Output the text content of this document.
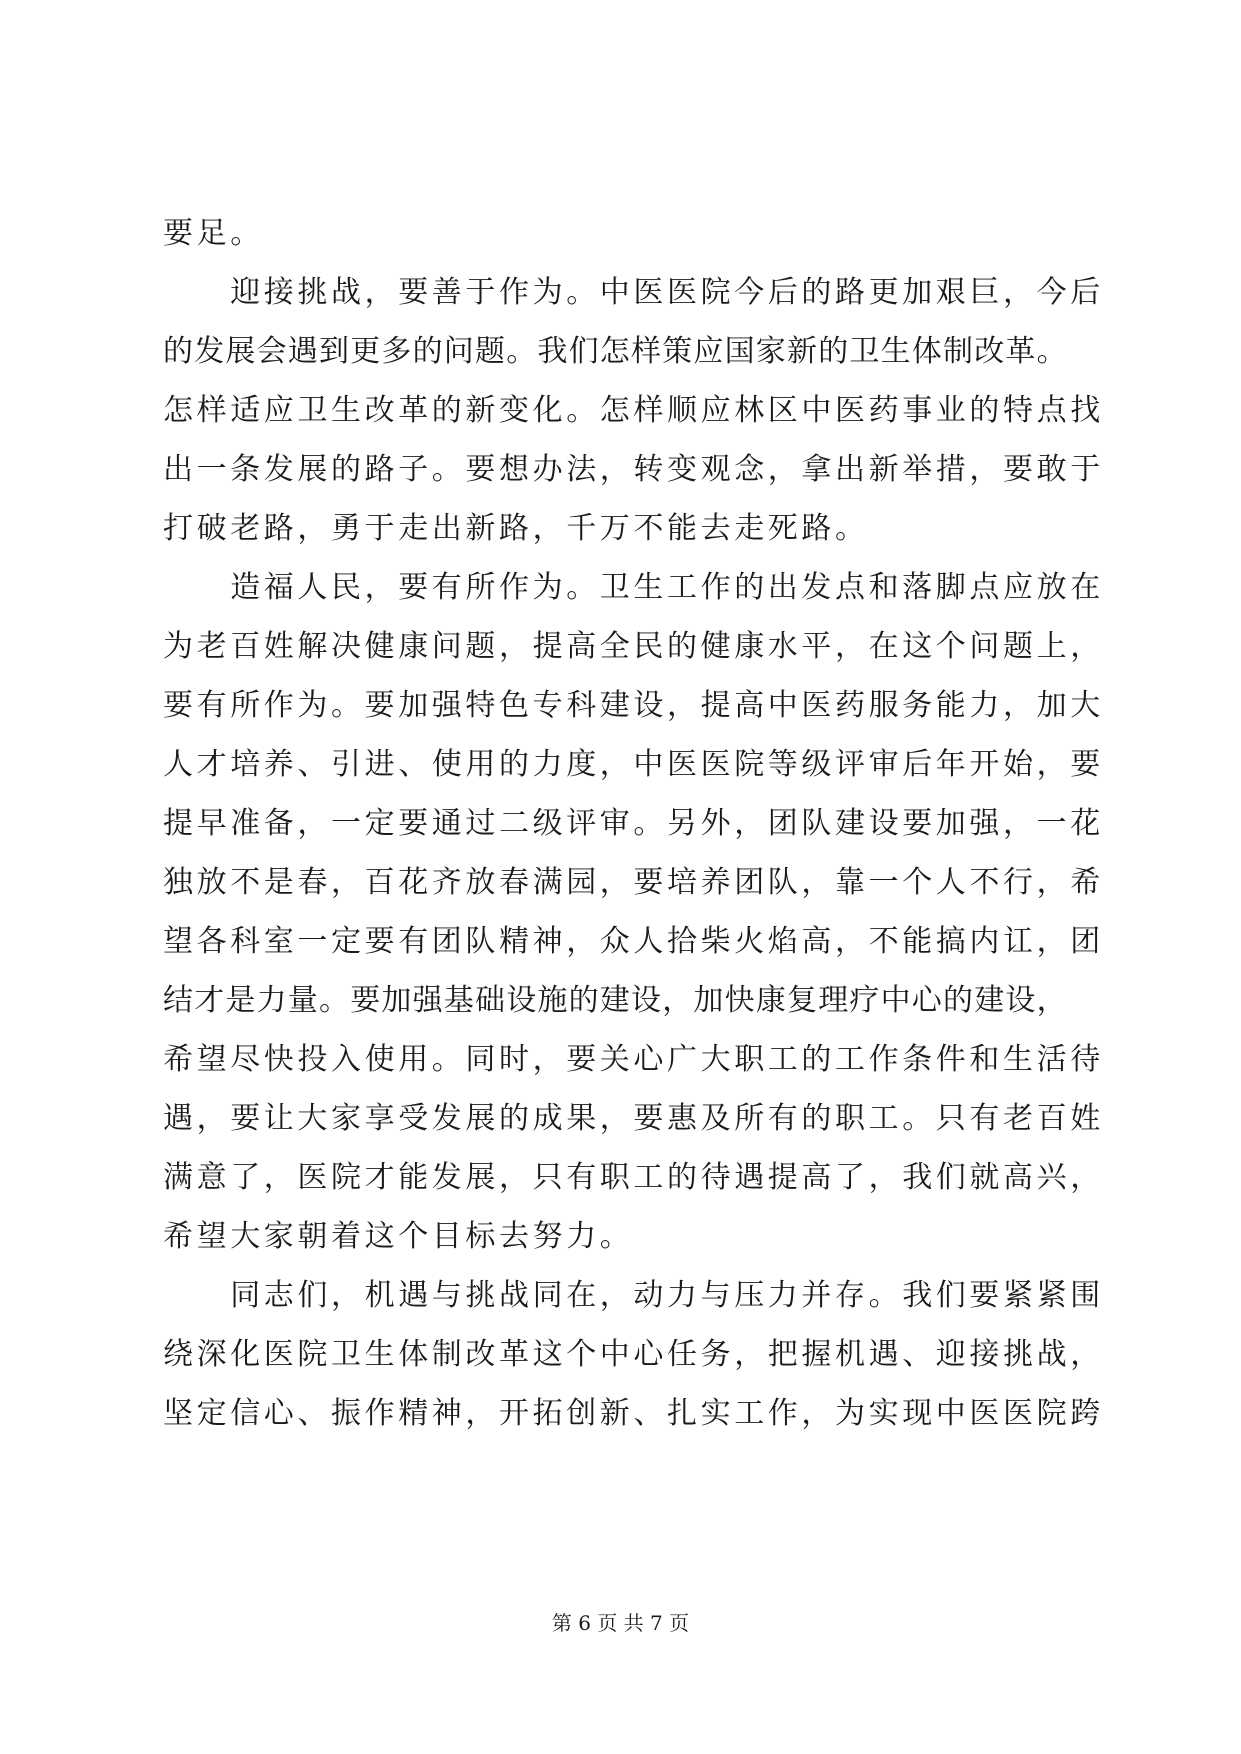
要足。
　　迎接挑战，要善于作为。中医医院今后的路更加艰巨，今后
的发展会遇到更多的问题。我们怎样策应国家新的卫生体制改革。
怎样适应卫生改革的新变化。怎样顺应林区中医药事业的特点找
出一条发展的路子。要想办法，转变观念，拿出新举措，要敢于
打破老路，勇于走出新路，千万不能去走死路。
　　造福人民，要有所作为。卫生工作的出发点和落脚点应放在
为老百姓解决健康问题，提高全民的健康水平，在这个问题上，
要有所作为。要加强特色专科建设，提高中医药服务能力，加大
人才培养、引进、使用的力度，中医医院等级评审后年开始，要
提早准备，一定要通过二级评审。另外，团队建设要加强，一花
独放不是春，百花齐放春满园，要培养团队，靠一个人不行，希
望各科室一定要有团队精神，众人拾柴火焰高，不能搞内讧，团
结才是力量。要加强基础设施的建设，加快康复理疗中心的建设，
希望尽快投入使用。同时，要关心广大职工的工作条件和生活待
遇，要让大家享受发展的成果，要惠及所有的职工。只有老百姓
满意了，医院才能发展，只有职工的待遇提高了，我们就高兴，
希望大家朝着这个目标去努力。
　　同志们，机遇与挑战同在，动力与压力并存。我们要紧紧围
绕深化医院卫生体制改革这个中心任务，把握机遇、迎接挑战，
坚定信心、振作精神，开拓创新、扎实工作，为实现中医医院跨
第 6 页 共 7 页
